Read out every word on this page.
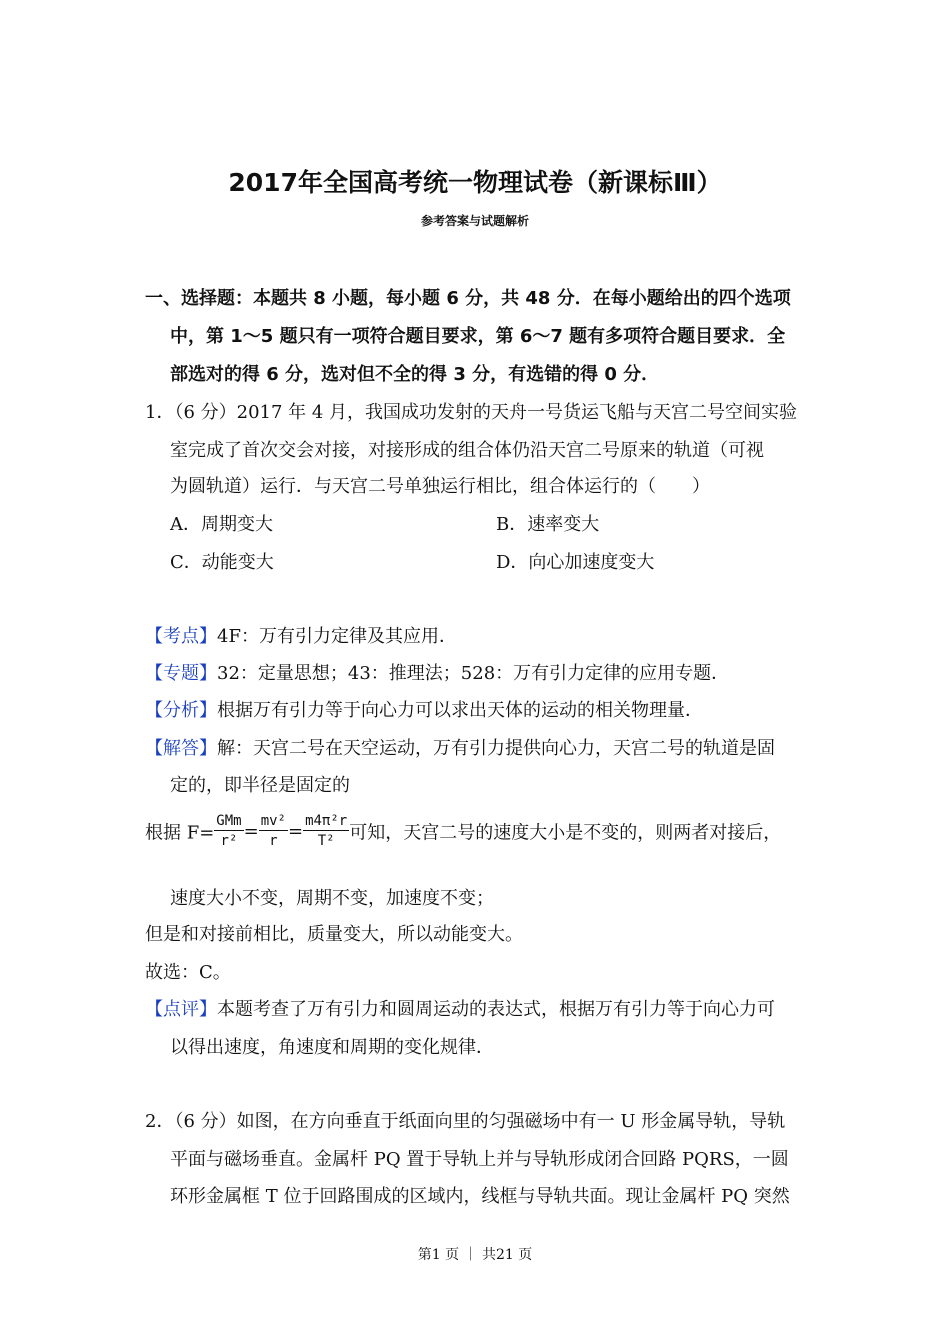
2017年全国高考统一物理试卷（新课标Ⅲ）
参考答案与试题解析
一、选择题：本题共 8 小题，每小题 6 分，共 48 分．在每小题给出的四个选项
中，第 1～5 题只有一项符合题目要求，第 6～7 题有多项符合题目要求．全
部选对的得 6 分，选对但不全的得 3 分，有选错的得 0 分．
1．（6 分）2017 年 4 月，我国成功发射的天舟一号货运飞船与天宫二号空间实验
室完成了首次交会对接，对接形成的组合体仍沿天宫二号原来的轨道（可视
为圆轨道）运行．与天宫二号单独运行相比，组合体运行的（　　）
A．周期变大	B．速率变大
C．动能变大	D．向心加速度变大
【考点】4F：万有引力定律及其应用．
【专题】32：定量思想；43：推理法；528：万有引力定律的应用专题．
【分析】根据万有引力等于向心力可以求出天体的运动的相关物理量．
【解答】解：天宫二号在天空运动，万有引力提供向心力，天宫二号的轨道是固
定的，即半径是固定的
根据 $F= \frac{\text{GMm}}{\text{r²}} = \frac{\text{mv²}}{r} = \frac{\text{m4π²r}}{\text{T²}}$ 可知，天宫二号的速度大小是不变的，则两者对接后，
速度大小不变，周期不变，加速度不变；
但是和对接前相比，质量变大，所以动能变大。
故选：C。
【点评】本题考查了万有引力和圆周运动的表达式，根据万有引力等于向心力可
以得出速度，角速度和周期的变化规律．
2．（6 分）如图，在方向垂直于纸面向里的匀强磁场中有一 U 形金属导轨，导轨
平面与磁场垂直。金属杆 PQ 置于导轨上并与导轨形成闭合回路 PQRS，一圆
环形金属框 T 位于回路围成的区域内，线框与导轨共面。现让金属杆 PQ 突然
第1 页 ｜ 共21 页
